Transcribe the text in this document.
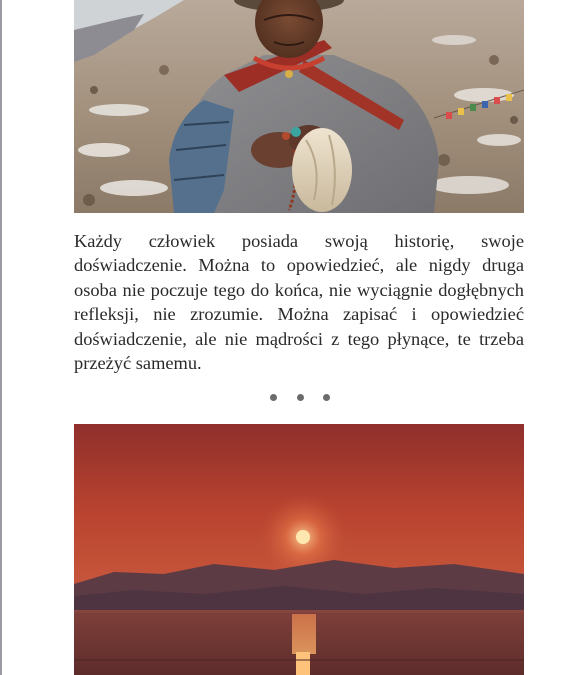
Każdy człowiek posiada swoją historię, swoje doświadczenie. Można to opowiedzieć, ale nigdy druga osoba nie poczuje tego do końca, nie wyciągnie dogłębnych refleksji, nie zrozumie. Można zapisać i opowiedzieć doświadczenie, ale nie mądrości z tego płynące, te trzeba przeżyć samemu.
